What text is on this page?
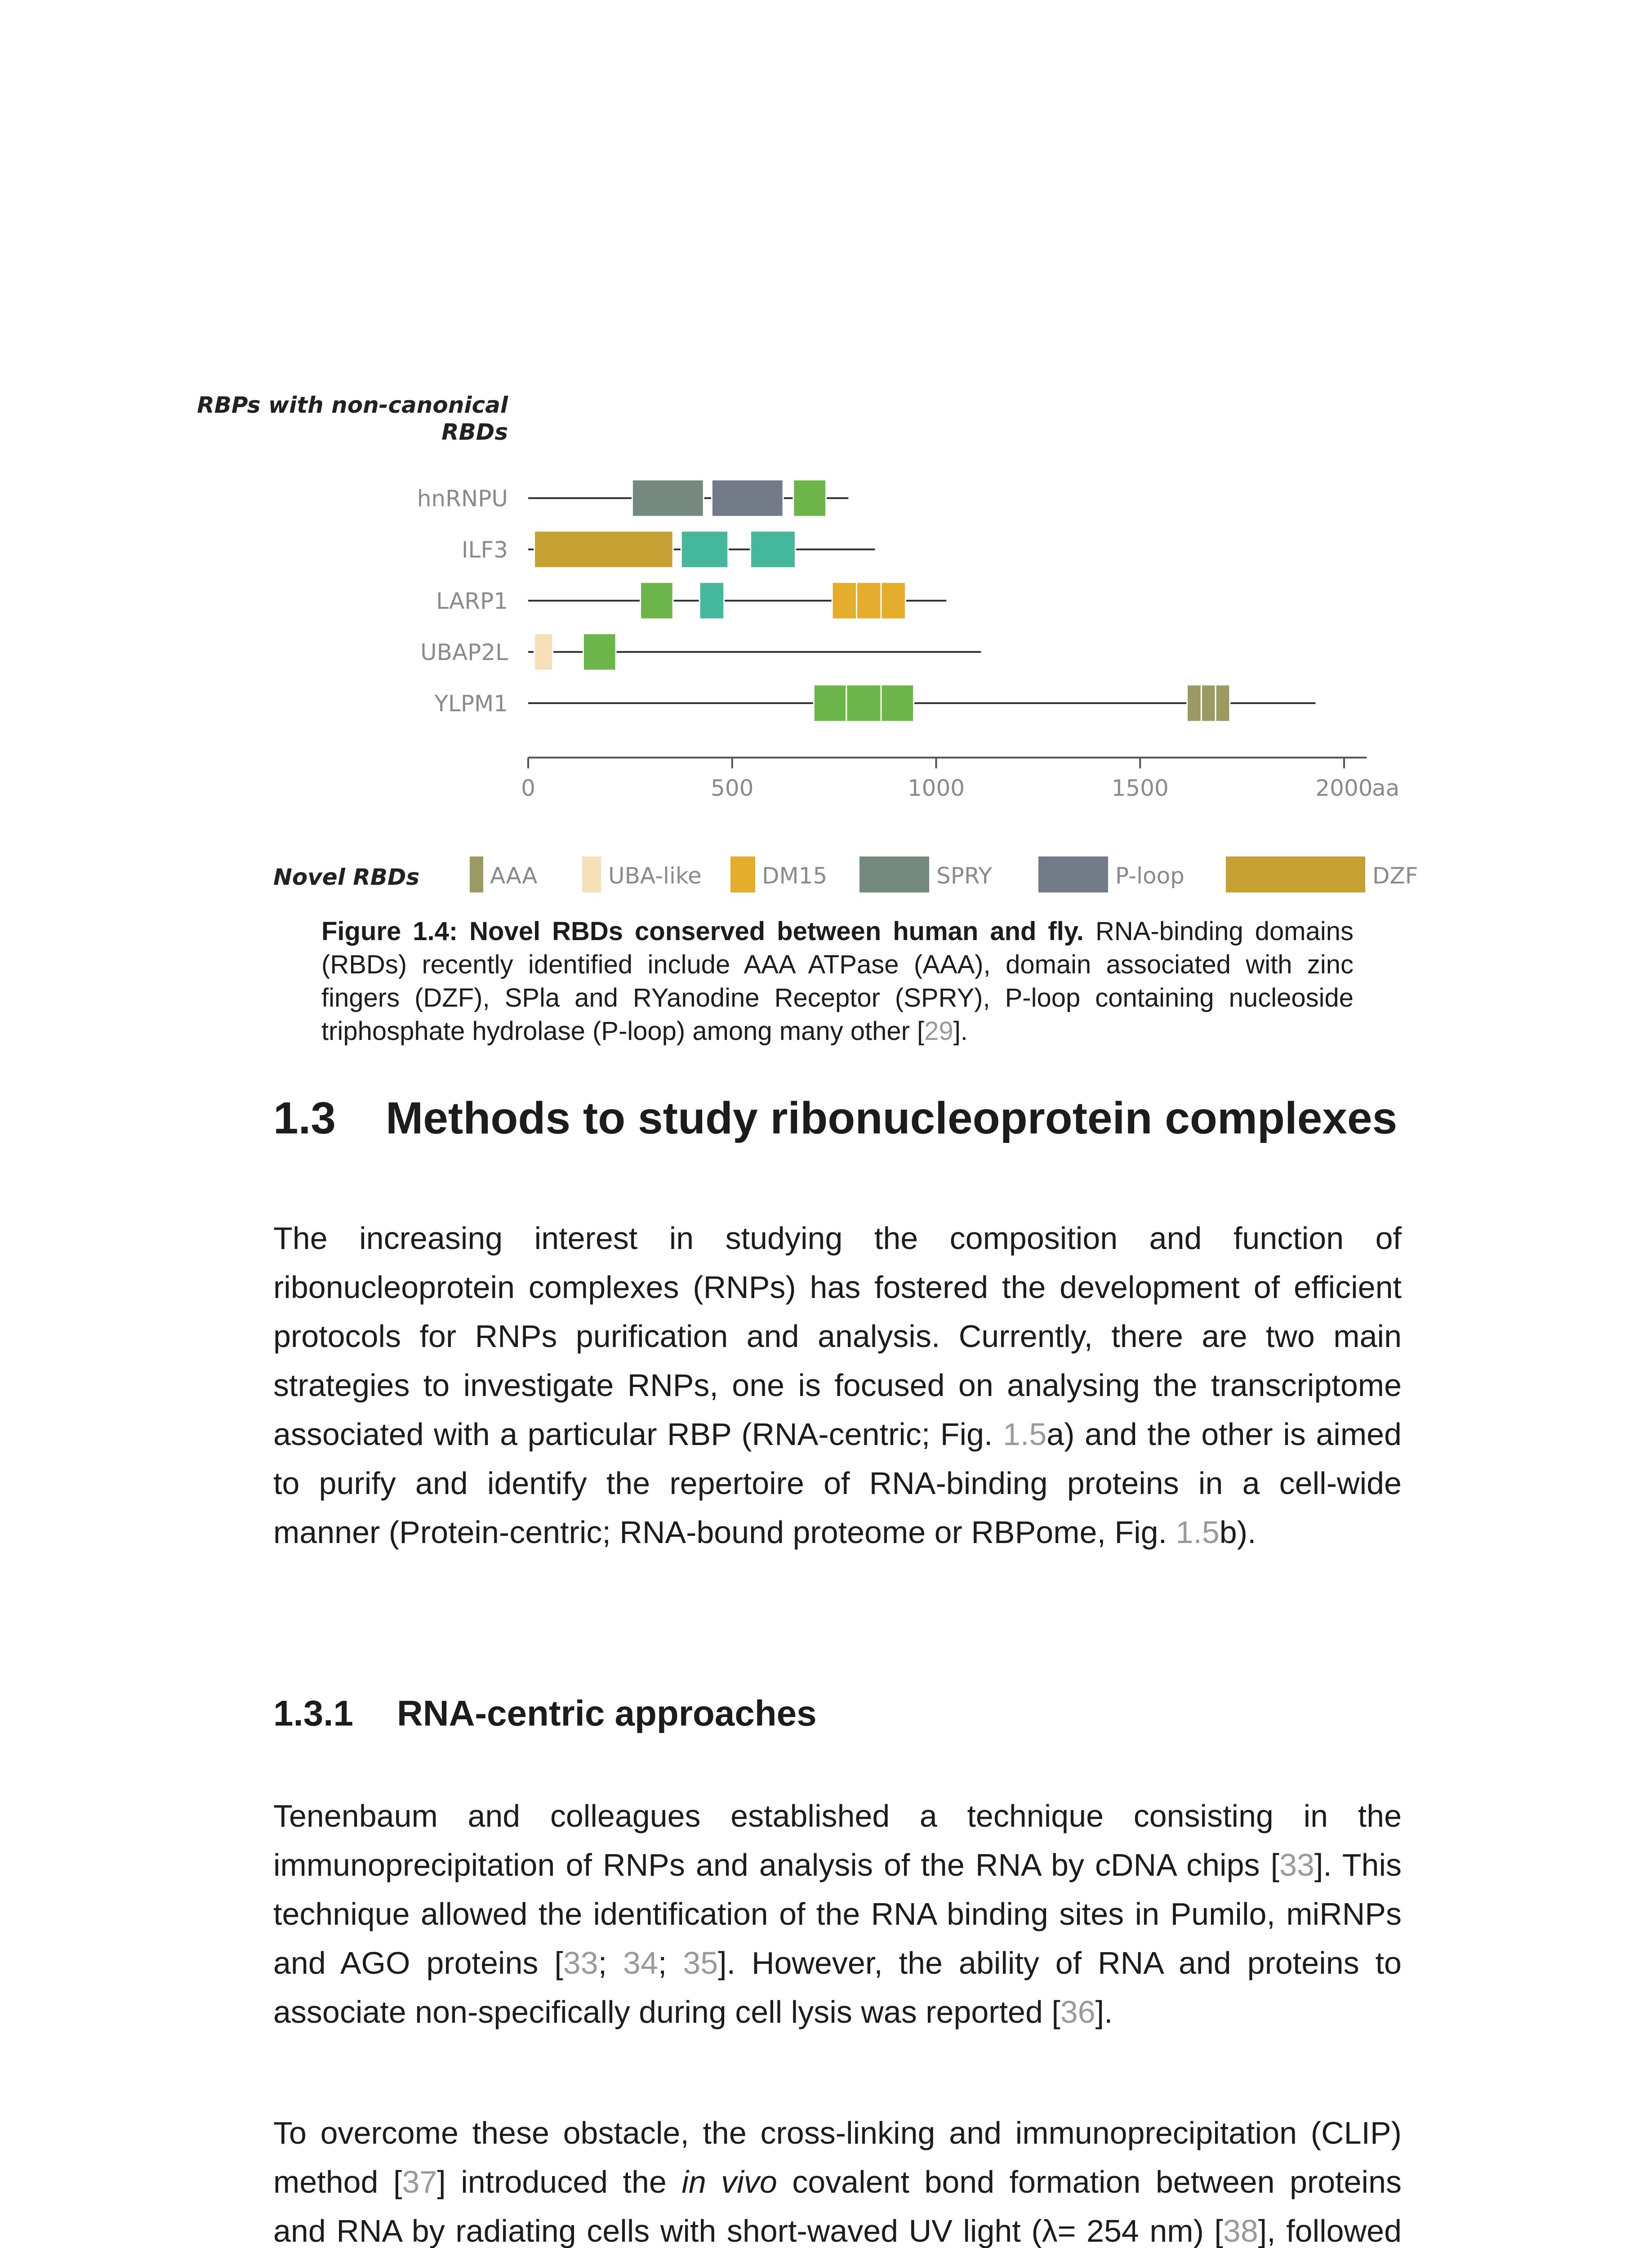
RBPs with non-canonical
RBDs
hnRNPU
ILF3
LARP1
UBAP2L
YLPM1
0	500	1000	1500	2000
aa
Novel RBDs	AAA	UBA-like	DM15	SPRY	P-loop	DZF
Figure 1.4: Novel RBDs conserved between human and fly. RNA-binding domains (RBDs) recently identified include AAA ATPase (AAA), domain associated with zinc fingers (DZF), SPla and RYanodine Receptor (SPRY), P-loop containing nucleoside triphosphate hydrolase (P-loop) among many other [29].
1.3 Methods to study ribonucleoprotein complexes

The increasing interest in studying the composition and function of
ribonucleoprotein complexes (RNPs) has fostered the development of efficient
protocols for RNPs purification and analysis. Currently, there are two main
strategies to investigate RNPs, one is focused on analysing the transcriptome
associated with a particular RBP (RNA-centric; Fig. 1.5a) and the other is aimed
to purify and identify the repertoire of RNA-binding proteins in a cell-wide
manner (Protein-centric; RNA-bound proteome or RBPome, Fig. 1.5b).

1.3.1 RNA-centric approaches

Tenenbaum and colleagues established a technique consisting in the
immunoprecipitation of RNPs and analysis of the RNA by cDNA chips [33]. This
technique allowed the identification of the RNA binding sites in Pumilo, miRNPs
and AGO proteins [33; 34; 35]. However, the ability of RNA and proteins to
associate non-specifically during cell lysis was reported [36].

To overcome these obstacle, the cross-linking and immunoprecipitation (CLIP)
method [37] introduced the in vivo covalent bond formation between proteins
and RNA by radiating cells with short-waved UV light (λ= 254 nm) [38], followed
